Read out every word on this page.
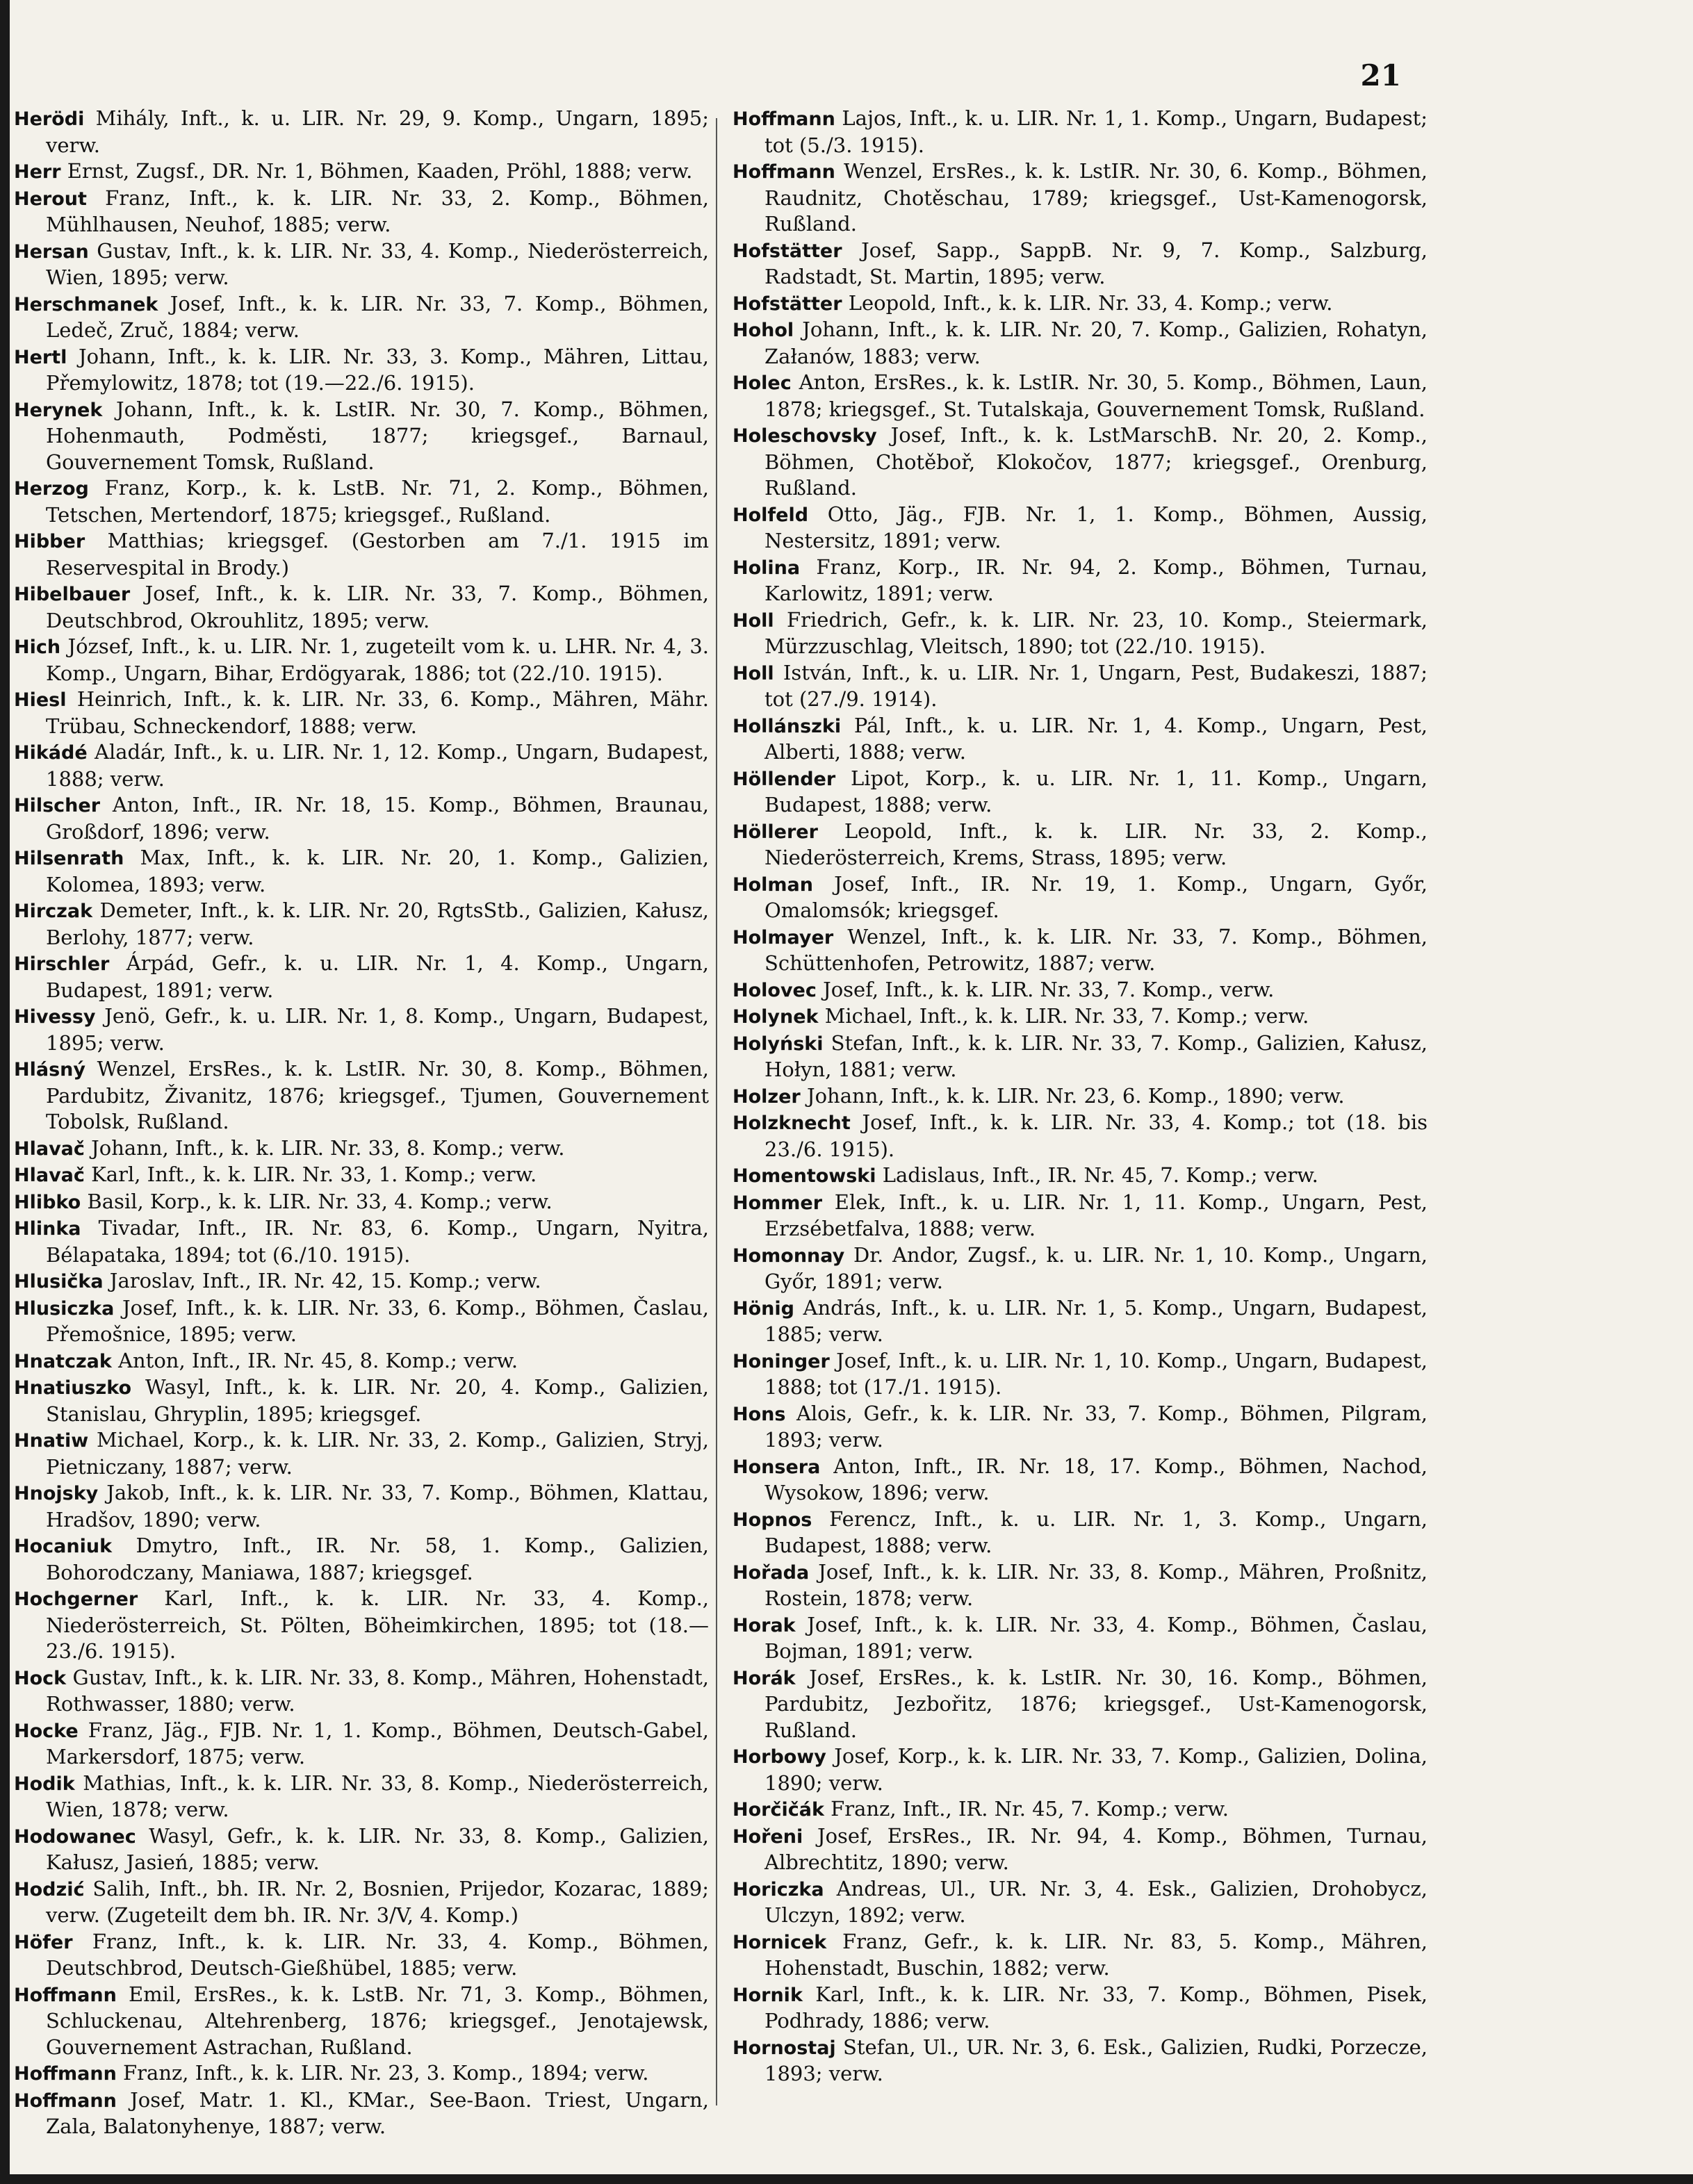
21

Herödi Mihály, Inft., k. u. LIR. Nr. 29, 9. Komp., Ungarn, 1895; verw.

Herr Ernst, Zugsf., DR. Nr. 1, Böhmen, Kaaden, Pröhl, 1888; verw.

Herout Franz, Inft., k. k. LIR. Nr. 33, 2. Komp., Böhmen, Mühlhausen, Neuhof, 1885; verw.

Hersan Gustav, Inft., k. k. LIR. Nr. 33, 4. Komp., Niederösterreich, Wien, 1895; verw.

Herschmanek Josef, Inft., k. k. LIR. Nr. 33, 7. Komp., Böhmen, Ledeč, Zruč, 1884; verw.

Hertl Johann, Inft., k. k. LIR. Nr. 33, 3. Komp., Mähren, Littau, Přemylowitz, 1878; tot (19.—22./6. 1915).

Herynek Johann, Inft., k. k. LstIR. Nr. 30, 7. Komp., Böhmen, Hohenmauth, Podměsti, 1877; kriegsgef., Barnaul, Gouvernement Tomsk, Rußland.

Herzog Franz, Korp., k. k. LstB. Nr. 71, 2. Komp., Böhmen, Tetschen, Mertendorf, 1875; kriegsgef., Rußland.

Hibber Matthias; kriegsgef. (Gestorben am 7./1. 1915 im Reservespital in Brody.)

Hibelbauer Josef, Inft., k. k. LIR. Nr. 33, 7. Komp., Böhmen, Deutschbrod, Okrouhlitz, 1895; verw.

Hich József, Inft., k. u. LIR. Nr. 1, zugeteilt vom k. u. LHR. Nr. 4, 3. Komp., Ungarn, Bihar, Erdögyarak, 1886; tot (22./10. 1915).

Hiesl Heinrich, Inft., k. k. LIR. Nr. 33, 6. Komp., Mähren, Mähr. Trübau, Schneckendorf, 1888; verw.

Hikádé Aladár, Inft., k. u. LIR. Nr. 1, 12. Komp., Ungarn, Budapest, 1888; verw.

Hilscher Anton, Inft., IR. Nr. 18, 15. Komp., Böhmen, Braunau, Großdorf, 1896; verw.

Hilsenrath Max, Inft., k. k. LIR. Nr. 20, 1. Komp., Galizien, Kolomea, 1893; verw.

Hirczak Demeter, Inft., k. k. LIR. Nr. 20, RgtsStb., Galizien, Kałusz, Berlohy, 1877; verw.

Hirschler Árpád, Gefr., k. u. LIR. Nr. 1, 4. Komp., Ungarn, Budapest, 1891; verw.

Hivessy Jenö, Gefr., k. u. LIR. Nr. 1, 8. Komp., Ungarn, Budapest, 1895; verw.

Hlásný Wenzel, ErsRes., k. k. LstIR. Nr. 30, 8. Komp., Böhmen, Pardubitz, Živanitz, 1876; kriegsgef., Tjumen, Gouvernement Tobolsk, Rußland.

Hlavač Johann, Inft., k. k. LIR. Nr. 33, 8. Komp.; verw.

Hlavač Karl, Inft., k. k. LIR. Nr. 33, 1. Komp.; verw.

Hlibko Basil, Korp., k. k. LIR. Nr. 33, 4. Komp.; verw.

Hlinka Tivadar, Inft., IR. Nr. 83, 6. Komp., Ungarn, Nyitra, Bélapataka, 1894; tot (6./10. 1915).

Hlusička Jaroslav, Inft., IR. Nr. 42, 15. Komp.; verw.

Hlusiczka Josef, Inft., k. k. LIR. Nr. 33, 6. Komp., Böhmen, Časlau, Přemošnice, 1895; verw.

Hnatczak Anton, Inft., IR. Nr. 45, 8. Komp.; verw.

Hnatiuszko Wasyl, Inft., k. k. LIR. Nr. 20, 4. Komp., Galizien, Stanislau, Ghryplin, 1895; kriegsgef.

Hnatiw Michael, Korp., k. k. LIR. Nr. 33, 2. Komp., Galizien, Stryj, Pietniczany, 1887; verw.

Hnojsky Jakob, Inft., k. k. LIR. Nr. 33, 7. Komp., Böhmen, Klattau, Hradšov, 1890; verw.

Hocaniuk Dmytro, Inft., IR. Nr. 58, 1. Komp., Galizien, Bohorodczany, Maniawa, 1887; kriegsgef.

Hochgerner Karl, Inft., k. k. LIR. Nr. 33, 4. Komp., Niederösterreich, St. Pölten, Böheimkirchen, 1895; tot (18.—23./6. 1915).

Hock Gustav, Inft., k. k. LIR. Nr. 33, 8. Komp., Mähren, Hohenstadt, Rothwasser, 1880; verw.

Hocke Franz, Jäg., FJB. Nr. 1, 1. Komp., Böhmen, Deutsch-Gabel, Markersdorf, 1875; verw.

Hodik Mathias, Inft., k. k. LIR. Nr. 33, 8. Komp., Niederösterreich, Wien, 1878; verw.

Hodowanec Wasyl, Gefr., k. k. LIR. Nr. 33, 8. Komp., Galizien, Kałusz, Jasień, 1885; verw.

Hodzić Salih, Inft., bh. IR. Nr. 2, Bosnien, Prijedor, Kozarac, 1889; verw. (Zugeteilt dem bh. IR. Nr. 3/V, 4. Komp.)

Höfer Franz, Inft., k. k. LIR. Nr. 33, 4. Komp., Böhmen, Deutschbrod, Deutsch-Gießhübel, 1885; verw.

Hoffmann Emil, ErsRes., k. k. LstB. Nr. 71, 3. Komp., Böhmen, Schluckenau, Altehrenberg, 1876; kriegsgef., Jenotajewsk, Gouvernement Astrachan, Rußland.

Hoffmann Franz, Inft., k. k. LIR. Nr. 23, 3. Komp., 1894; verw.

Hoffmann Josef, Matr. 1. Kl., KMar., See-Baon. Triest, Ungarn, Zala, Balatonyhenye, 1887; verw.

Hoffmann Lajos, Inft., k. u. LIR. Nr. 1, 1. Komp., Ungarn, Budapest; tot (5./3. 1915).

Hoffmann Wenzel, ErsRes., k. k. LstIR. Nr. 30, 6. Komp., Böhmen, Raudnitz, Chotěschau, 1789; kriegsgef., Ust-Kamenogorsk, Rußland.

Hofstätter Josef, Sapp., SappB. Nr. 9, 7. Komp., Salzburg, Radstadt, St. Martin, 1895; verw.

Hofstätter Leopold, Inft., k. k. LIR. Nr. 33, 4. Komp.; verw.

Hohol Johann, Inft., k. k. LIR. Nr. 20, 7. Komp., Galizien, Rohatyn, Załanów, 1883; verw.

Holec Anton, ErsRes., k. k. LstIR. Nr. 30, 5. Komp., Böhmen, Laun, 1878; kriegsgef., St. Tutalskaja, Gouvernement Tomsk, Rußland.

Holeschovsky Josef, Inft., k. k. LstMarschB. Nr. 20, 2. Komp., Böhmen, Chotěboř, Klokočov, 1877; kriegsgef., Orenburg, Rußland.

Holfeld Otto, Jäg., FJB. Nr. 1, 1. Komp., Böhmen, Aussig, Nestersitz, 1891; verw.

Holina Franz, Korp., IR. Nr. 94, 2. Komp., Böhmen, Turnau, Karlowitz, 1891; verw.

Holl Friedrich, Gefr., k. k. LIR. Nr. 23, 10. Komp., Steiermark, Mürzzuschlag, Vleitsch, 1890; tot (22./10. 1915).

Holl István, Inft., k. u. LIR. Nr. 1, Ungarn, Pest, Budakeszi, 1887; tot (27./9. 1914).

Hollánszki Pál, Inft., k. u. LIR. Nr. 1, 4. Komp., Ungarn, Pest, Alberti, 1888; verw.

Höllender Lipot, Korp., k. u. LIR. Nr. 1, 11. Komp., Ungarn, Budapest, 1888; verw.

Höllerer Leopold, Inft., k. k. LIR. Nr. 33, 2. Komp., Niederösterreich, Krems, Strass, 1895; verw.

Holman Josef, Inft., IR. Nr. 19, 1. Komp., Ungarn, Győr, Omalomsók; kriegsgef.

Holmayer Wenzel, Inft., k. k. LIR. Nr. 33, 7. Komp., Böhmen, Schüttenhofen, Petrowitz, 1887; verw.

Holovec Josef, Inft., k. k. LIR. Nr. 33, 7. Komp., verw.

Holynek Michael, Inft., k. k. LIR. Nr. 33, 7. Komp.; verw.

Holyński Stefan, Inft., k. k. LIR. Nr. 33, 7. Komp., Galizien, Kałusz, Hołyn, 1881; verw.

Holzer Johann, Inft., k. k. LIR. Nr. 23, 6. Komp., 1890; verw.

Holzknecht Josef, Inft., k. k. LIR. Nr. 33, 4. Komp.; tot (18. bis 23./6. 1915).

Homentowski Ladislaus, Inft., IR. Nr. 45, 7. Komp.; verw.

Hommer Elek, Inft., k. u. LIR. Nr. 1, 11. Komp., Ungarn, Pest, Erzsébetfalva, 1888; verw.

Homonnay Dr. Andor, Zugsf., k. u. LIR. Nr. 1, 10. Komp., Ungarn, Győr, 1891; verw.

Hönig András, Inft., k. u. LIR. Nr. 1, 5. Komp., Ungarn, Budapest, 1885; verw.

Honinger Josef, Inft., k. u. LIR. Nr. 1, 10. Komp., Ungarn, Budapest, 1888; tot (17./1. 1915).

Hons Alois, Gefr., k. k. LIR. Nr. 33, 7. Komp., Böhmen, Pilgram, 1893; verw.

Honsera Anton, Inft., IR. Nr. 18, 17. Komp., Böhmen, Nachod, Wysokow, 1896; verw.

Hopnos Ferencz, Inft., k. u. LIR. Nr. 1, 3. Komp., Ungarn, Budapest, 1888; verw.

Hořada Josef, Inft., k. k. LIR. Nr. 33, 8. Komp., Mähren, Proßnitz, Rostein, 1878; verw.

Horak Josef, Inft., k. k. LIR. Nr. 33, 4. Komp., Böhmen, Časlau, Bojman, 1891; verw.

Horák Josef, ErsRes., k. k. LstIR. Nr. 30, 16. Komp., Böhmen, Pardubitz, Jezbořitz, 1876; kriegsgef., Ust-Kamenogorsk, Rußland.

Horbowy Josef, Korp., k. k. LIR. Nr. 33, 7. Komp., Galizien, Dolina, 1890; verw.

Horčičák Franz, Inft., IR. Nr. 45, 7. Komp.; verw.

Hořeni Josef, ErsRes., IR. Nr. 94, 4. Komp., Böhmen, Turnau, Albrechtitz, 1890; verw.

Horiczka Andreas, Ul., UR. Nr. 3, 4. Esk., Galizien, Drohobycz, Ulczyn, 1892; verw.

Hornicek Franz, Gefr., k. k. LIR. Nr. 83, 5. Komp., Mähren, Hohenstadt, Buschin, 1882; verw.

Hornik Karl, Inft., k. k. LIR. Nr. 33, 7. Komp., Böhmen, Pisek, Podhrady, 1886; verw.

Hornostaj Stefan, Ul., UR. Nr. 3, 6. Esk., Galizien, Rudki, Porzecze, 1893; verw.
